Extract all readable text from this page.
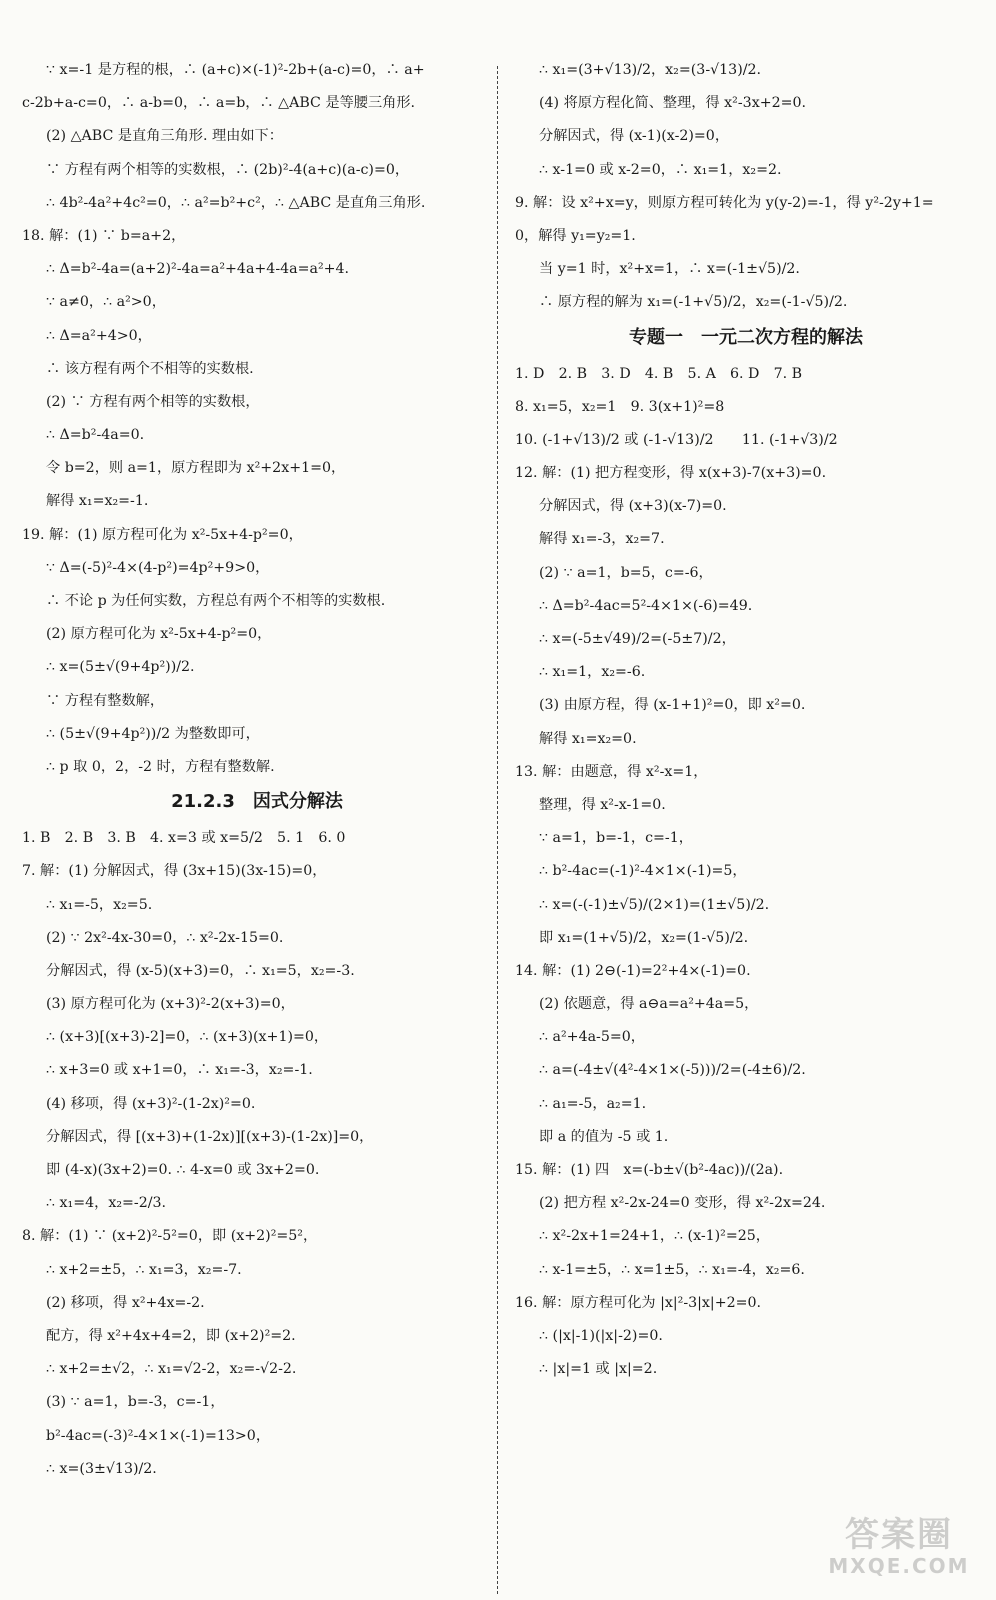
∵ x=-1 是方程的根，∴ (a+c)×(-1)²-2b+(a-c)=0，∴ a+
c-2b+a-c=0，∴ a-b=0，∴ a=b，∴ △ABC 是等腰三角形.
(2) △ABC 是直角三角形. 理由如下：
∵ 方程有两个相等的实数根，∴ (2b)²-4(a+c)(a-c)=0，
∴ 4b²-4a²+4c²=0，∴ a²=b²+c²，∴ △ABC 是直角三角形.
18. 解：(1) ∵ b=a+2，
∴ Δ=b²-4a=(a+2)²-4a=a²+4a+4-4a=a²+4.
∵ a≠0，∴ a²>0，
∴ Δ=a²+4>0，
∴ 该方程有两个不相等的实数根.
(2) ∵ 方程有两个相等的实数根，
∴ Δ=b²-4a=0.
令 b=2，则 a=1，原方程即为 x²+2x+1=0，
解得 x₁=x₂=-1.
19. 解：(1) 原方程可化为 x²-5x+4-p²=0，
∵ Δ=(-5)²-4×(4-p²)=4p²+9>0，
∴ 不论 p 为任何实数，方程总有两个不相等的实数根.
(2) 原方程可化为 x²-5x+4-p²=0，
∴ x=(5±√(9+4p²))/2.
∵ 方程有整数解，
∴ (5±√(9+4p²))/2 为整数即可，
∴ p 取 0，2，-2 时，方程有整数解.
21.2.3　因式分解法
1. B　2. B　3. B　4. x=3 或 x=5/2　5. 1　6. 0
7. 解：(1) 分解因式，得 (3x+15)(3x-15)=0，
∴ x₁=-5，x₂=5.
(2) ∵ 2x²-4x-30=0，∴ x²-2x-15=0.
分解因式，得 (x-5)(x+3)=0，∴ x₁=5，x₂=-3.
(3) 原方程可化为 (x+3)²-2(x+3)=0，
∴ (x+3)[(x+3)-2]=0，∴ (x+3)(x+1)=0，
∴ x+3=0 或 x+1=0，∴ x₁=-3，x₂=-1.
(4) 移项，得 (x+3)²-(1-2x)²=0.
分解因式，得 [(x+3)+(1-2x)][(x+3)-(1-2x)]=0，
即 (4-x)(3x+2)=0. ∴ 4-x=0 或 3x+2=0.
∴ x₁=4，x₂=-2/3.
8. 解：(1) ∵ (x+2)²-5²=0，即 (x+2)²=5²，
∴ x+2=±5，∴ x₁=3，x₂=-7.
(2) 移项，得 x²+4x=-2.
配方，得 x²+4x+4=2，即 (x+2)²=2.
∴ x+2=±√2，∴ x₁=√2-2，x₂=-√2-2.
(3) ∵ a=1，b=-3，c=-1，
b²-4ac=(-3)²-4×1×(-1)=13>0，
∴ x=(3±√13)/2.
∴ x₁=(3+√13)/2，x₂=(3-√13)/2.
(4) 将原方程化简、整理，得 x²-3x+2=0.
分解因式，得 (x-1)(x-2)=0，
∴ x-1=0 或 x-2=0，∴ x₁=1，x₂=2.
9. 解：设 x²+x=y，则原方程可转化为 y(y-2)=-1，得 y²-2y+1=
0，解得 y₁=y₂=1.
当 y=1 时，x²+x=1，∴ x=(-1±√5)/2.
∴ 原方程的解为 x₁=(-1+√5)/2，x₂=(-1-√5)/2.
专题一　一元二次方程的解法
1. D　2. B　3. D　4. B　5. A　6. D　7. B
8. x₁=5，x₂=1　9. 3(x+1)²=8
10. (-1+√13)/2 或 (-1-√13)/2　　11. (-1+√3)/2
12. 解：(1) 把方程变形，得 x(x+3)-7(x+3)=0.
分解因式，得 (x+3)(x-7)=0.
解得 x₁=-3，x₂=7.
(2) ∵ a=1，b=5，c=-6，
∴ Δ=b²-4ac=5²-4×1×(-6)=49.
∴ x=(-5±√49)/2=(-5±7)/2，
∴ x₁=1，x₂=-6.
(3) 由原方程，得 (x-1+1)²=0，即 x²=0.
解得 x₁=x₂=0.
13. 解：由题意，得 x²-x=1，
整理，得 x²-x-1=0.
∵ a=1，b=-1，c=-1，
∴ b²-4ac=(-1)²-4×1×(-1)=5，
∴ x=(-(-1)±√5)/(2×1)=(1±√5)/2.
即 x₁=(1+√5)/2，x₂=(1-√5)/2.
14. 解：(1) 2⊖(-1)=2²+4×(-1)=0.
(2) 依题意，得 a⊖a=a²+4a=5，
∴ a²+4a-5=0，
∴ a=(-4±√(4²-4×1×(-5)))/2=(-4±6)/2.
∴ a₁=-5，a₂=1.
即 a 的值为 -5 或 1.
15. 解：(1) 四　x=(-b±√(b²-4ac))/(2a).
(2) 把方程 x²-2x-24=0 变形，得 x²-2x=24.
∴ x²-2x+1=24+1，∴ (x-1)²=25，
∴ x-1=±5，∴ x=1±5，∴ x₁=-4，x₂=6.
16. 解：原方程可化为 |x|²-3|x|+2=0.
∴ (|x|-1)(|x|-2)=0.
∴ |x|=1 或 |x|=2.
答案圈
MXQE.COM
